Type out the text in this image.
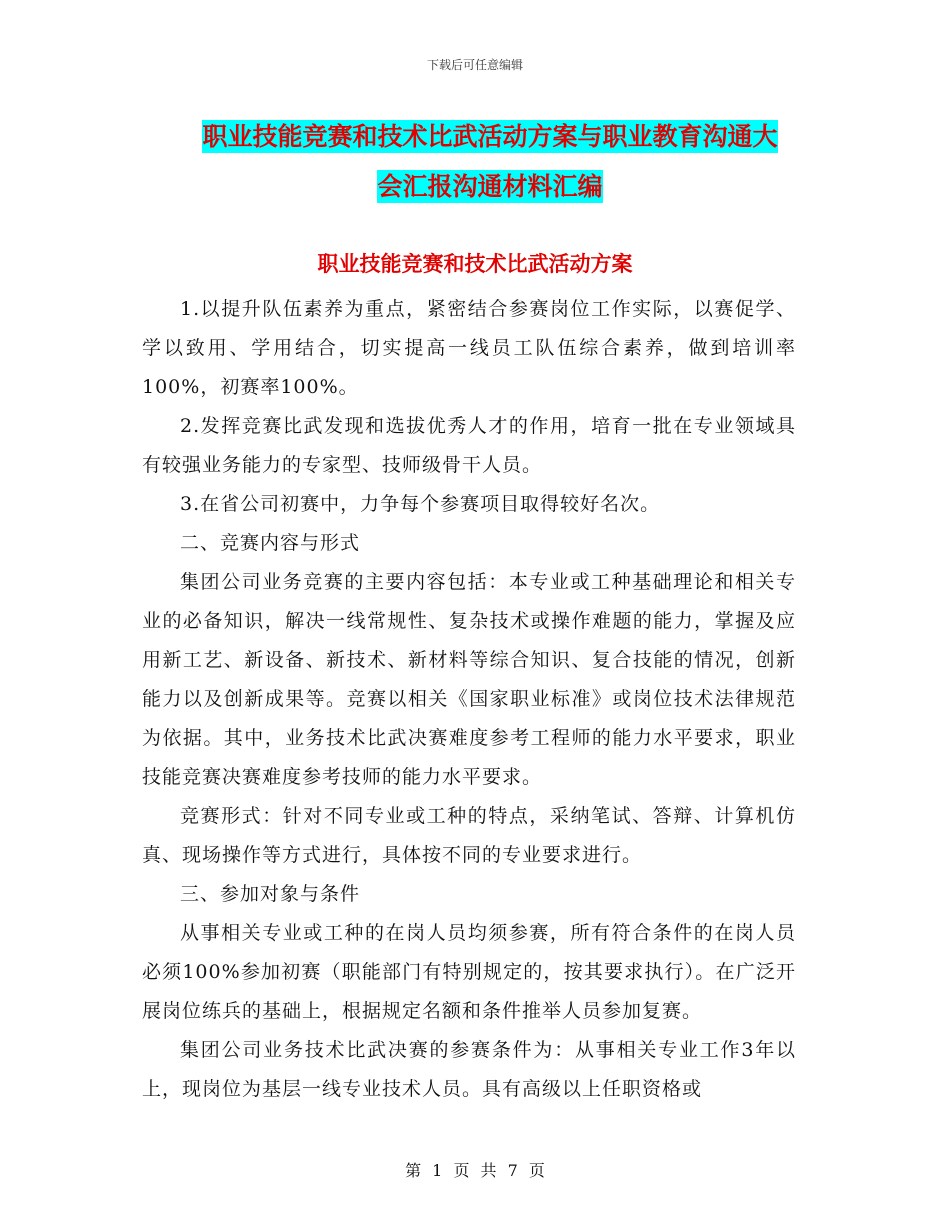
下载后可任意编辑
职业技能竞赛和技术比武活动方案与职业教育沟通大
会汇报沟通材料汇编
职业技能竞赛和技术比武活动方案

1.以提升队伍素养为重点，紧密结合参赛岗位工作实际，以赛促学、学以致用、学用结合，切实提高一线员工队伍综合素养，做到培训率100%，初赛率100%。

2.发挥竞赛比武发现和选拔优秀人才的作用，培育一批在专业领域具有较强业务能力的专家型、技师级骨干人员。

3.在省公司初赛中，力争每个参赛项目取得较好名次。

二、竞赛内容与形式

集团公司业务竞赛的主要内容包括：本专业或工种基础理论和相关专业的必备知识，解决一线常规性、复杂技术或操作难题的能力，掌握及应用新工艺、新设备、新技术、新材料等综合知识、复合技能的情况，创新能力以及创新成果等。竞赛以相关《国家职业标准》或岗位技术法律规范为依据。其中，业务技术比武决赛难度参考工程师的能力水平要求，职业技能竞赛决赛难度参考技师的能力水平要求。

竞赛形式：针对不同专业或工种的特点，采纳笔试、答辩、计算机仿真、现场操作等方式进行，具体按不同的专业要求进行。

三、参加对象与条件

从事相关专业或工种的在岗人员均须参赛，所有符合条件的在岗人员必须100%参加初赛（职能部门有特别规定的，按其要求执行）。在广泛开展岗位练兵的基础上，根据规定名额和条件推举人员参加复赛。

集团公司业务技术比武决赛的参赛条件为：从事相关专业工作3年以上，现岗位为基层一线专业技术人员。具有高级以上任职资格或

第 1 页 共 7 页
